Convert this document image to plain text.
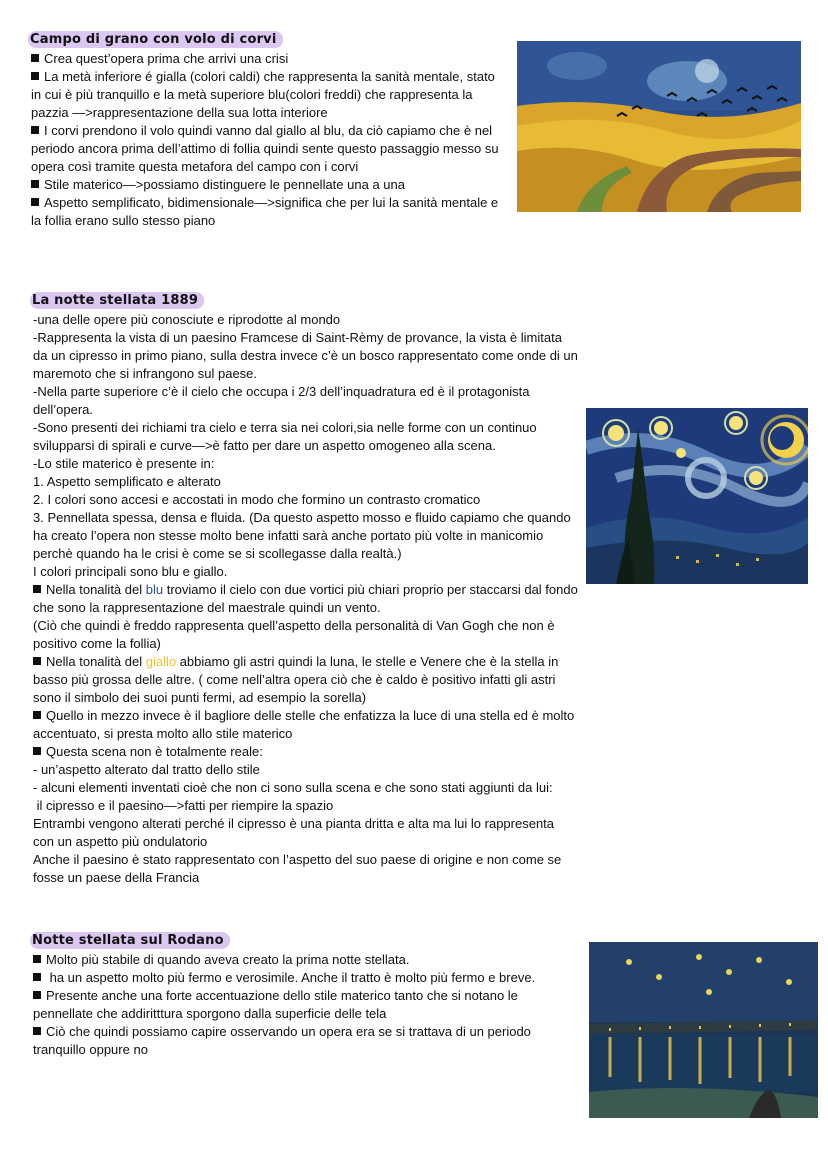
Campo di grano con volo di corvi

Crea quest’opera prima che arrivi una crisi

La metà inferiore é gialla (colori caldi) che rappresenta la sanità mentale, stato in cui è più tranquillo e la metà superiore blu(colori freddi) che rappresenta la pazzia —>rappresentazione della sua lotta interiore

I corvi prendono il volo quindi vanno dal giallo al blu, da ciò capiamo che è nel periodo ancora prima dell’attimo di follia quindi sente questo passaggio messo su opera così tramite questa metafora del campo con i corvi

Stile materico—>possiamo distinguere le pennellate una a una

Aspetto semplificato, bidimensionale—>significa che per lui la sanità mentale e la follia erano sullo stesso piano

La notte stellata 1889

-una delle opere più conosciute e riprodotte al mondo

-Rappresenta la vista di un paesino Framcese di Saint-Rèmy de provance, la vista è limitata da un cipresso in primo piano, sulla destra invece c’è un bosco rappresentato come onde di un maremoto che si infrangono sul paese.

-Nella parte superiore c’è il cielo che occupa i 2/3 dell’inquadratura ed è il protagonista dell’opera.

-Sono presenti dei richiami tra cielo e terra sia nei colori,sia nelle forme con un continuo svilupparsi di spirali e curve—>è fatto per dare un aspetto omogeneo alla scena.

-Lo stile materico è presente in:

1. Aspetto semplificato e alterato

2. I colori sono accesi e accostati in modo che formino un contrasto cromatico

3. Pennellata spessa, densa e fluida. (Da questo aspetto mosso e fluido capiamo che quando ha creato l’opera non stesse molto bene infatti sarà anche portato più volte in manicomio perchè quando ha le crisi è come se si scollegasse dalla realtà.)

I colori principali sono blu e giallo.

Nella tonalità del blu troviamo il cielo con due vortici più chiari proprio per staccarsi dal fondo che sono la rappresentazione del maestrale quindi un vento.

(Ciò che quindi è freddo rappresenta quell’aspetto della personalità di Van Gogh che non è positivo come la follia)

Nella tonalità del giallo abbiamo gli astri quindi la luna, le stelle e Venere che è la stella in basso più grossa delle altre. ( come nell’altra opera ciò che è caldo è positivo infatti gli astri sono il simbolo dei suoi punti fermi, ad esempio la sorella)

Quello in mezzo invece è il bagliore delle stelle che enfatizza la luce di una stella ed è molto accentuato, si presta molto allo stile materico

Questa scena non è totalmente reale:

- un’aspetto alterato dal tratto dello stile

- alcuni elementi inventati cioè che non ci sono sulla scena e che sono stati aggiunti da lui:

il cipresso e il paesino—>fatti per riempire la spazio

Entrambi vengono alterati perché il cipresso è una pianta dritta e alta ma lui lo rappresenta con un aspetto più ondulatorio

Anche il paesino è stato rappresentato con l’aspetto del suo paese di origine e non come se fosse un paese della Francia

Notte stellata sul Rodano

Molto più stabile di quando aveva creato la prima notte stellata.

ha un aspetto molto più fermo e verosimile. Anche il tratto è molto più fermo e breve.

Presente anche una forte accentuazione dello stile materico tanto che si notano le pennellate che addiritttura sporgono dalla superficie delle tela

Ciò che quindi possiamo capire osservando un opera era se si trattava di un periodo tranquillo oppure no
